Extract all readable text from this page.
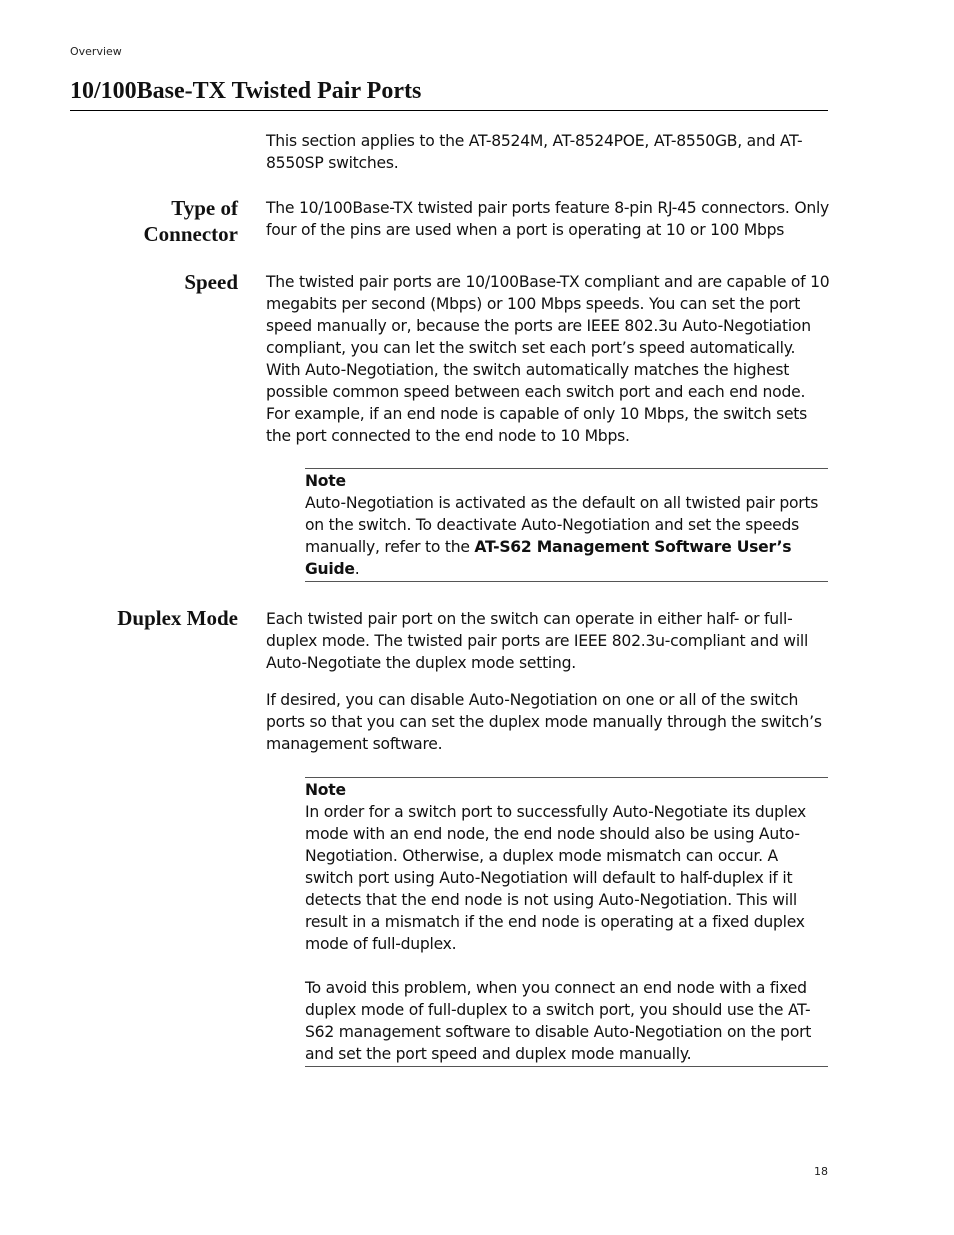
Overview
10/100Base-TX Twisted Pair Ports

This section applies to the AT-8524M, AT-8524POE, AT-8550GB, and AT-8550SP switches.

Type of
Connector

The 10/100Base-TX twisted pair ports feature 8-pin RJ-45 connectors. Only four of the pins are used when a port is operating at 10 or 100 Mbps

Speed The twisted pair ports are 10/100Base-TX compliant and are capable of 10 megabits per second (Mbps) or 100 Mbps speeds. You can set the port speed manually or, because the ports are IEEE 802.3u Auto-Negotiation compliant, you can let the switch set each port’s speed automatically. With Auto-Negotiation, the switch automatically matches the highest possible common speed between each switch port and each end node. For example, if an end node is capable of only 10 Mbps, the switch sets the port connected to the end node to 10 Mbps.

Note

Auto-Negotiation is activated as the default on all twisted pair ports on the switch. To deactivate Auto-Negotiation and set the speeds manually, refer to the AT-S62 Management Software User’s Guide.

Duplex Mode Each twisted pair port on the switch can operate in either half- or full-duplex mode. The twisted pair ports are IEEE 802.3u-compliant and will Auto-Negotiate the duplex mode setting.

If desired, you can disable Auto-Negotiation on one or all of the switch ports so that you can set the duplex mode manually through the switch’s management software.

Note

In order for a switch port to successfully Auto-Negotiate its duplex mode with an end node, the end node should also be using Auto-Negotiation. Otherwise, a duplex mode mismatch can occur. A switch port using Auto-Negotiation will default to half-duplex if it detects that the end node is not using Auto-Negotiation. This will result in a mismatch if the end node is operating at a fixed duplex mode of full-duplex.

To avoid this problem, when you connect an end node with a fixed duplex mode of full-duplex to a switch port, you should use the AT-S62 management software to disable Auto-Negotiation on the port and set the port speed and duplex mode manually.

18
